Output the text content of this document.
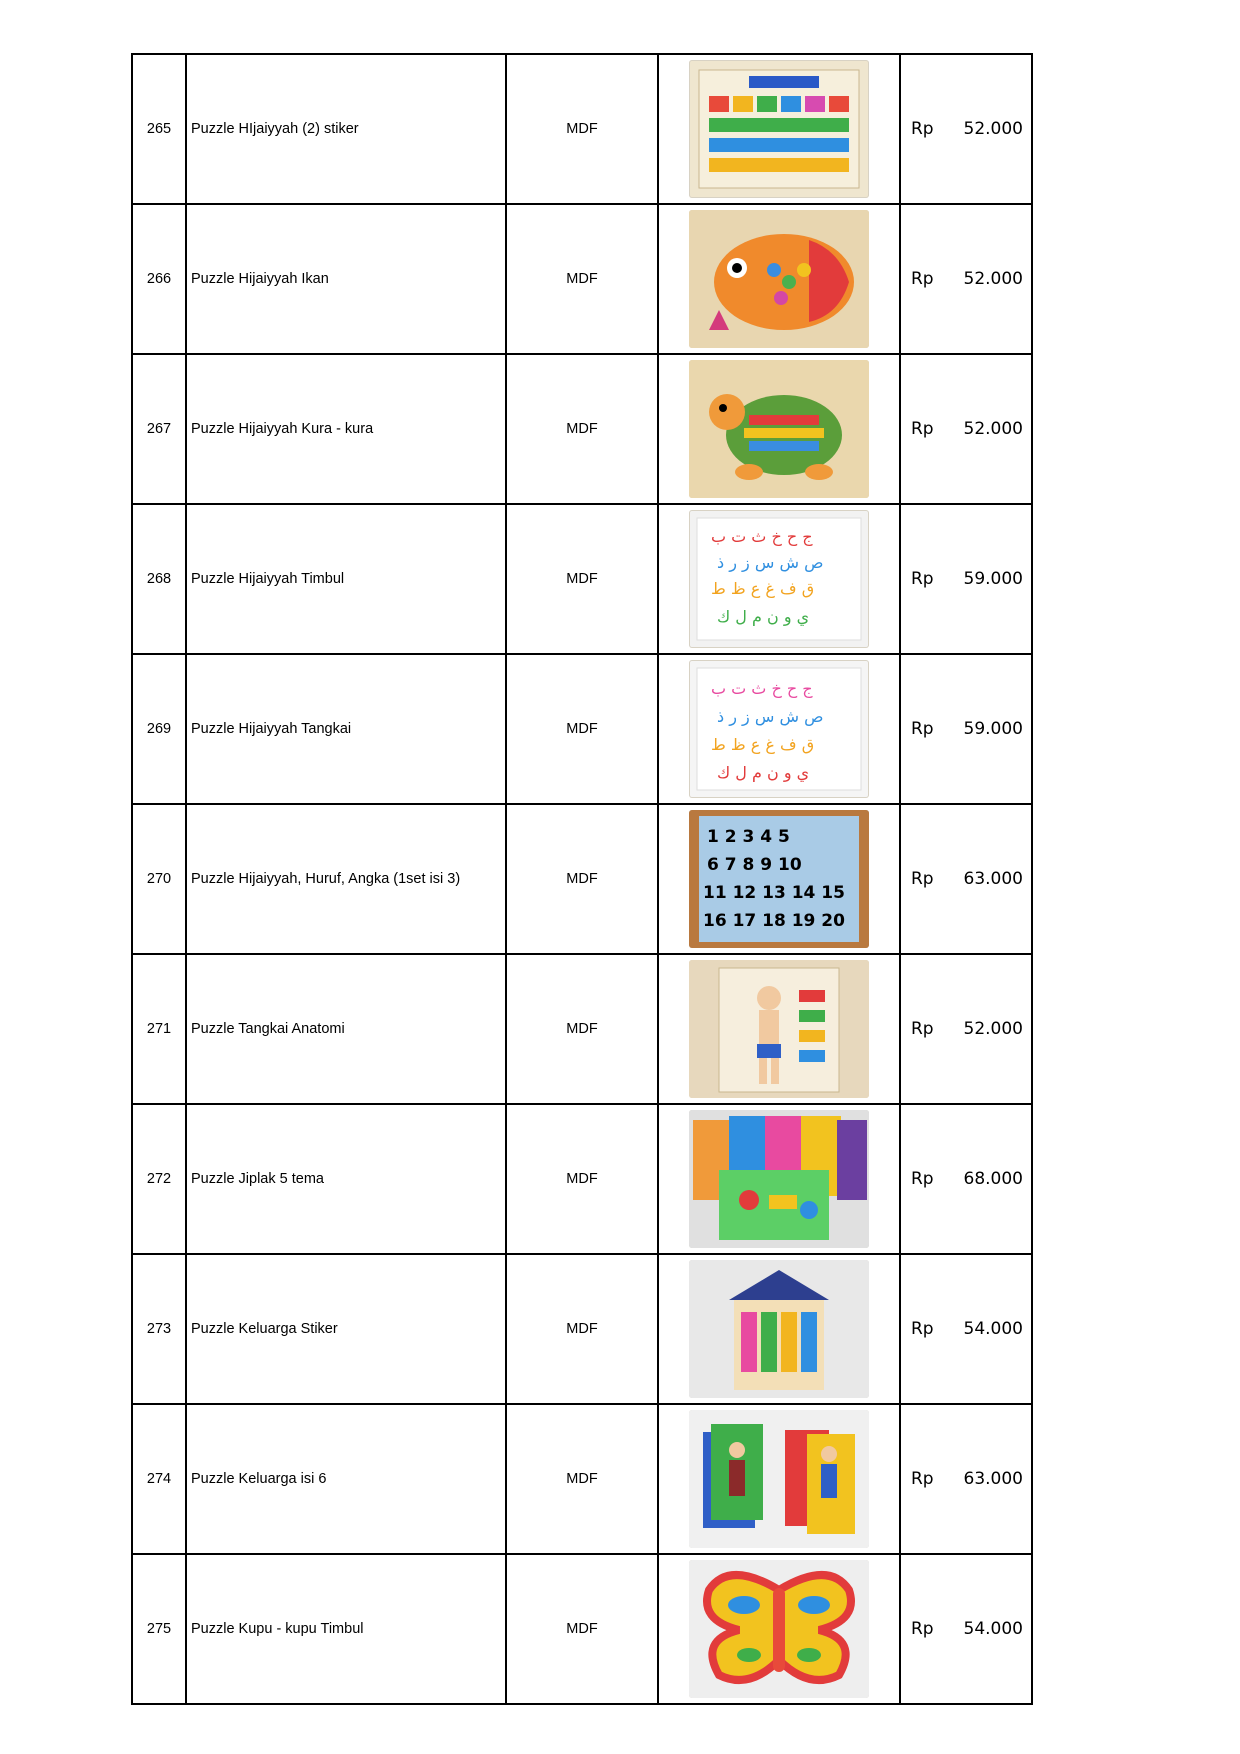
265	Puzzle HIjaiyyah (2) stiker	MDF		Rp 52.000

266	Puzzle Hijaiyyah Ikan	MDF		Rp 52.000

267	Puzzle Hijaiyyah Kura - kura	MDF		Rp 52.000

268	Puzzle Hijaiyyah Timbul	MDF	ج ح خ ث ت ب
ص ش س ز ر ذ
ق ف غ ع ظ ط
ي و ن م ل ك	Rp 59.000

269	Puzzle Hijaiyyah Tangkai	MDF	ج ح خ ث ت ب
ص ش س ز ر ذ
ق ف غ ع ظ ط
ي و ن م ل ك	Rp 59.000

270	Puzzle Hijaiyyah, Huruf, Angka (1set isi 3)	MDF	1 2 3 4 5
6 7 8 9 10
11 12 13 14 15
16 17 18 19 20	Rp 63.000

271	Puzzle Tangkai Anatomi	MDF		Rp 52.000

272	Puzzle Jiplak 5 tema	MDF		Rp 68.000

273	Puzzle Keluarga Stiker	MDF		Rp 54.000

274	Puzzle Keluarga isi 6	MDF		Rp 63.000

275	Puzzle Kupu - kupu Timbul	MDF		Rp 54.000
